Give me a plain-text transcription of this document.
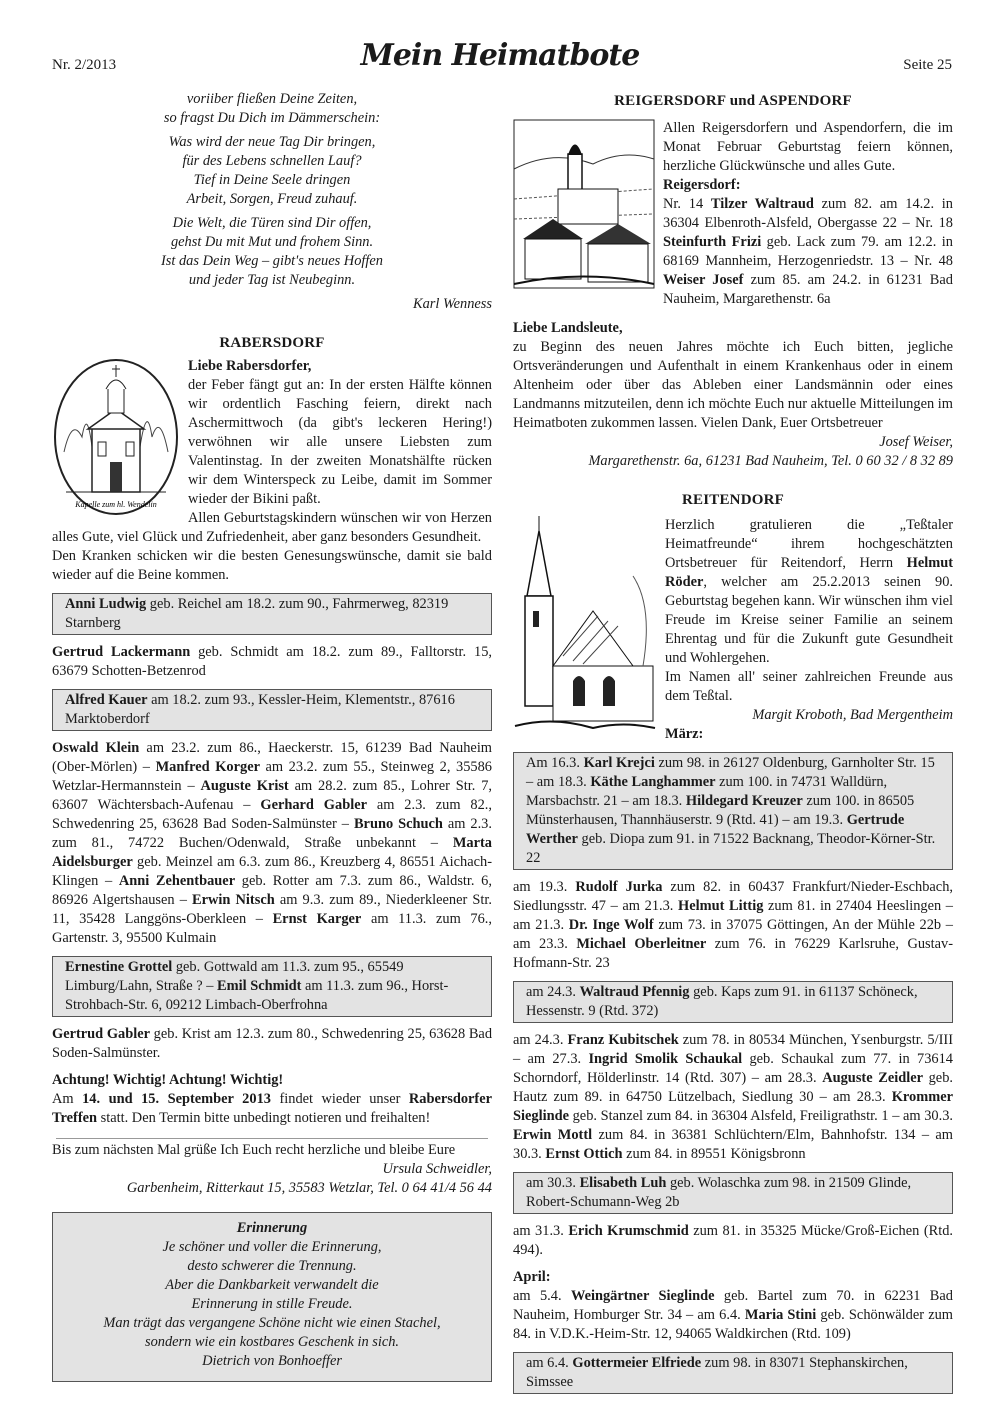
Nr. 2/2013	Mein Heimatbote	Seite 25
voriiber fließen Deine Zeiten,
so fragst Du Dich im Dämmerschein:
Was wird der neue Tag Dir bringen,
für des Lebens schnellen Lauf?
Tief in Deine Seele dringen
Arbeit, Sorgen, Freud zuhauf.
Die Welt, die Türen sind Dir offen,
gehst Du mit Mut und frohem Sinn.
Ist das Dein Weg – gibt's neues Hoffen
und jeder Tag ist Neubeginn.
Karl Wenness
RABERSDORF
Kapelle zum hl. Wendelin

Liebe Rabersdorfer,

der Feber fängt gut an: In der ersten Hälfte können wir ordentlich Fasching feiern, direkt nach Aschermittwoch (da gibt's leckeren Hering!) verwöhnen wir alle unsere Liebsten zum Valentinstag. In der zweiten Monatshälfte rücken wir dem Winterspeck zu Leibe, damit im Sommer wieder der Bikini paßt.

Allen Geburtstagskindern wünschen wir von Herzen alles Gute, viel Glück und Zufriedenheit, aber ganz besonders Gesundheit.

Den Kranken schicken wir die besten Genesungswünsche, damit sie bald wieder auf die Beine kommen.

Anni Ludwig geb. Reichel am 18.2. zum 90., Fahrmerweg, 82319 Starnberg

Gertrud Lackermann geb. Schmidt am 18.2. zum 89., Falltorstr. 15, 63679 Schotten-Betzenrod

Alfred Kauer am 18.2. zum 93., Kessler-Heim, Klementstr., 87616 Marktoberdorf

Oswald Klein am 23.2. zum 86., Haeckerstr. 15, 61239 Bad Nauheim (Ober-Mörlen) – Manfred Korger am 23.2. zum 55., Steinweg 2, 35586 Wetzlar-Hermannstein – Auguste Krist am 28.2. zum 85., Lohrer Str. 7, 63607 Wächtersbach-Aufenau – Gerhard Gabler am 2.3. zum 82., Schwedenring 25, 63628 Bad Soden-Salmünster – Bruno Schuch am 2.3. zum 81., 74722 Buchen/Odenwald, Straße unbekannt – Marta Aidelsburger geb. Meinzel am 6.3. zum 86., Kreuzberg 4, 86551 Aichach-Klingen – Anni Zehentbauer geb. Rotter am 7.3. zum 86., Waldstr. 6, 86926 Algertshausen – Erwin Nitsch am 9.3. zum 89., Niederkleener Str. 11, 35428 Langgöns-Oberkleen – Ernst Karger am 11.3. zum 76., Gartenstr. 3, 95500 Kulmain

Ernestine Grottel geb. Gottwald am 11.3. zum 95., 65549 Limburg/Lahn, Straße ? – Emil Schmidt am 11.3. zum 96., Horst-Strohbach-Str. 6, 09212 Limbach-Oberfrohna

Gertrud Gabler geb. Krist am 12.3. zum 80., Schwedenring 25, 63628 Bad Soden-Salmünster.

Achtung! Wichtig! Achtung! Wichtig!

Am 14. und 15. September 2013 findet wieder unser Rabersdorfer Treffen statt. Den Termin bitte unbedingt notieren und freihalten!

Bis zum nächsten Mal grüße Ich Euch recht herzliche und bleibe Eure

Ursula Schweidler,
Garbenheim, Ritterkaut 15, 35583 Wetzlar, Tel. 0 64 41/4 56 44
Erinnerung
Je schöner und voller die Erinnerung,
desto schwerer die Trennung.
Aber die Dankbarkeit verwandelt die
Erinnerung in stille Freude.
Man trägt das vergangene Schöne nicht wie einen Stachel,
sondern wie ein kostbares Geschenk in sich.
Dietrich von Bonhoeffer
REIGERSDORF und ASPENDORF

Allen Reigersdorfern und Aspendorfern, die im Monat Februar Geburtstag feiern können, herzliche Glückwünsche und alles Gute.

Reigersdorf:

Nr. 14 Tilzer Waltraud zum 82. am 14.2. in 36304 Elbenroth-Alsfeld, Obergasse 22 – Nr. 18 Steinfurth Frizi geb. Lack zum 79. am 12.2. in 68169 Mannheim, Herzogenriedstr. 13 – Nr. 48 Weiser Josef zum 85. am 24.2. in 61231 Bad Nauheim, Margarethenstr. 6a

Liebe Landsleute,

zu Beginn des neuen Jahres möchte ich Euch bitten, jegliche Ortsveränderungen und Aufenthalt in einem Krankenhaus oder in einem Altenheim oder über das Ableben einer Landsmännin oder eines Landmanns mitzuteilen, denn ich möchte Euch nur aktuelle Mitteilungen im Heimatboten zukommen lassen. Vielen Dank, Euer Ortsbetreuer

Josef Weiser,
Margarethenstr. 6a, 61231 Bad Nauheim, Tel. 0 60 32 / 8 32 89
REITENDORF

Herzlich gratulieren die „Teßtaler Heimatfreunde“ ihrem hochgeschätzten Ortsbetreuer für Reitendorf, Herrn Helmut Röder, welcher am 25.2.2013 seinen 90. Geburtstag begehen kann. Wir wünschen ihm viel Freude im Kreise seiner Familie an seinem Ehrentag und für die Zukunft gute Gesundheit und Wohlergehen.

Im Namen all' seiner zahlreichen Freunde aus dem Teßtal.

Margit Kroboth, Bad Mergentheim

März:

Am 16.3. Karl Krejci zum 98. in 26127 Oldenburg, Garnholter Str. 15 – am 18.3. Käthe Langhammer zum 100. in 74731 Walldürn, Marsbachstr. 21 – am 18.3. Hildegard Kreuzer zum 100. in 86505 Münsterhausen, Thannhäuserstr. 9 (Rtd. 41) – am 19.3. Gertrude Werther geb. Diopa zum 91. in 71522 Backnang, Theodor-Körner-Str. 22

am 19.3. Rudolf Jurka zum 82. in 60437 Frankfurt/Nieder-Eschbach, Siedlungsstr. 47 – am 21.3. Helmut Littig zum 81. in 27404 Heeslingen – am 21.3. Dr. Inge Wolf zum 73. in 37075 Göttingen, An der Mühle 22b – am 23.3. Michael Oberleitner zum 76. in 76229 Karlsruhe, Gustav-Hofmann-Str. 23

am 24.3. Waltraud Pfennig geb. Kaps zum 91. in 61137 Schöneck, Hessenstr. 9 (Rtd. 372)

am 24.3. Franz Kubitschek zum 78. in 80534 München, Ysenburgstr. 5/III – am 27.3. Ingrid Smolik Schaukal geb. Schaukal zum 77. in 73614 Schorndorf, Hölderlinstr. 14 (Rtd. 307) – am 28.3. Auguste Zeidler geb. Hautz zum 89. in 64750 Lützelbach, Siedlung 30 – am 28.3. Krommer Sieglinde geb. Stanzel zum 84. in 36304 Alsfeld, Freiligrathstr. 1 – am 30.3. Erwin Mottl zum 84. in 36381 Schlüchtern/Elm, Bahnhofstr. 134 – am 30.3. Ernst Ottich zum 84. in 89551 Königsbronn

am 30.3. Elisabeth Luh geb. Wolaschka zum 98. in 21509 Glinde, Robert-Schumann-Weg 2b

am 31.3. Erich Krumschmid zum 81. in 35325 Mücke/Groß-Eichen (Rtd. 494).

April:

am 5.4. Weingärtner Sieglinde geb. Bartel zum 70. in 62231 Bad Nauheim, Homburger Str. 34 – am 6.4. Maria Stini geb. Schönwälder zum 84. in V.D.K.-Heim-Str. 12, 94065 Waldkirchen (Rtd. 109)

am 6.4. Gottermeier Elfriede zum 98. in 83071 Stephanskirchen, Simssee
